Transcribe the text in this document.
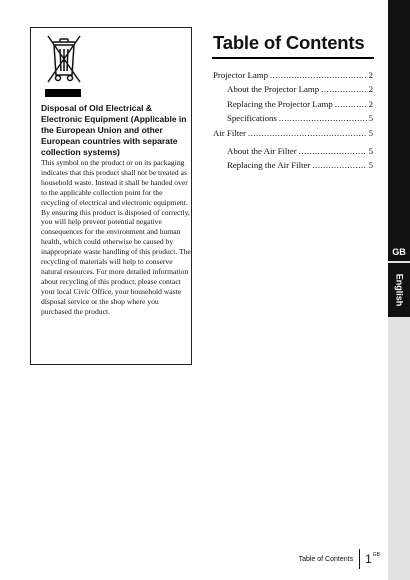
Disposal of Old Electrical & Electronic Equipment (Applicable in the European Union and other European countries with separate collection systems)

This symbol on the product or on its packaging indicates that this product shall not be treated as household waste. Instead it shall be handed over to the applicable collection point for the recycling of electrical and electronic equipment. By ensuring this product is disposed of correctly, you will help prevent potential negative consequences for the environment and human health, which could otherwise be caused by inappropriate waste handling of this product. The recycling of materials will help to conserve natural resources. For more detailed information about recycling of this product, please contact your local Civic Office, your household waste disposal service or the shop where you purchased the product.

Table of Contents
Projector Lamp .....	2
About the Projector Lamp .....	2
Replacing the Projector Lamp .....	2
Specifications .....	5
Air Filter .....	5
About the Air Filter .....	5
Replacing the Air Filter .....	5
GB
English
Table of Contents 1 GB
